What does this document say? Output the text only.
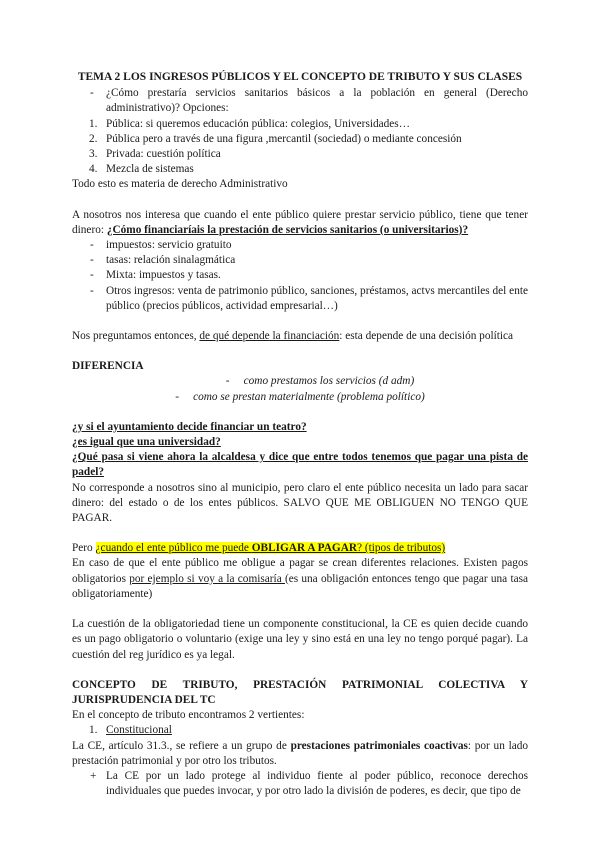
TEMA 2 LOS INGRESOS PÚBLICOS Y EL CONCEPTO DE TRIBUTO Y SUS CLASES

-	¿Cómo prestaría servicios sanitarios básicos a la población en general (Derecho administrativo)? Opciones:
1. Pública: si queremos educación pública: colegios, Universidades…
2. Pública pero a través de una figura ,mercantil (sociedad) o mediante concesión
3. Privada: cuestión política
4. Mezcla de sistemas

Todo esto es materia de derecho Administrativo

A nosotros nos interesa que cuando el ente público quiere prestar servicio público, tiene que tener dinero: ¿Cómo financiaríais la prestación de servicios sanitarios (o universitarios)?

-	impuestos: servicio gratuito
-	tasas: relación sinalagmática
-	Mixta: impuestos y tasas.
-	Otros ingresos: venta de patrimonio público, sanciones, préstamos, actvs mercantiles del ente público (precios públicos, actividad empresarial…)

Nos preguntamos entonces, de qué depende la financiación: esta depende de una decisión política

DIFERENCIA

- como prestamos los servicios (d adm)

- como se prestan materialmente (problema político)

¿y si el ayuntamiento decide financiar un teatro?

¿es igual que una universidad?

¿Qué pasa si viene ahora la alcaldesa y dice que entre todos tenemos que pagar una pista de padel?

No corresponde a nosotros sino al municipio, pero claro el ente público necesita un lado para sacar dinero: del estado o de los entes públicos. SALVO QUE ME OBLIGUEN NO TENGO QUE PAGAR.

Pero ¿cuando el ente público me puede OBLIGAR A PAGAR? (tipos de tributos)

En caso de que el ente público me obligue a pagar se crean diferentes relaciones. Existen pagos obligatorios por ejemplo si voy a la comisaría (es una obligación entonces tengo que pagar una tasa obligatoriamente)

La cuestión de la obligatoriedad tiene un componente constitucional, la CE es quien decide cuando es un pago obligatorio o voluntario (exige una ley y sino está en una ley no tengo porqué pagar). La cuestión del reg jurídico es ya legal.

CONCEPTO DE TRIBUTO, PRESTACIÓN PATRIMONIAL COLECTIVA Y

JURISPRUDENCIA DEL TC

En el concepto de tributo encontramos 2 vertientes:

1. Constitucional

La CE, artículo 31.3., se refiere a un grupo de prestaciones patrimoniales coactivas: por un lado prestación patrimonial y por otro los tributos.

+ La CE por un lado protege al individuo fiente al poder público, reconoce derechos individuales que puedes invocar, y por otro lado la división de poderes, es decir, que tipo de
